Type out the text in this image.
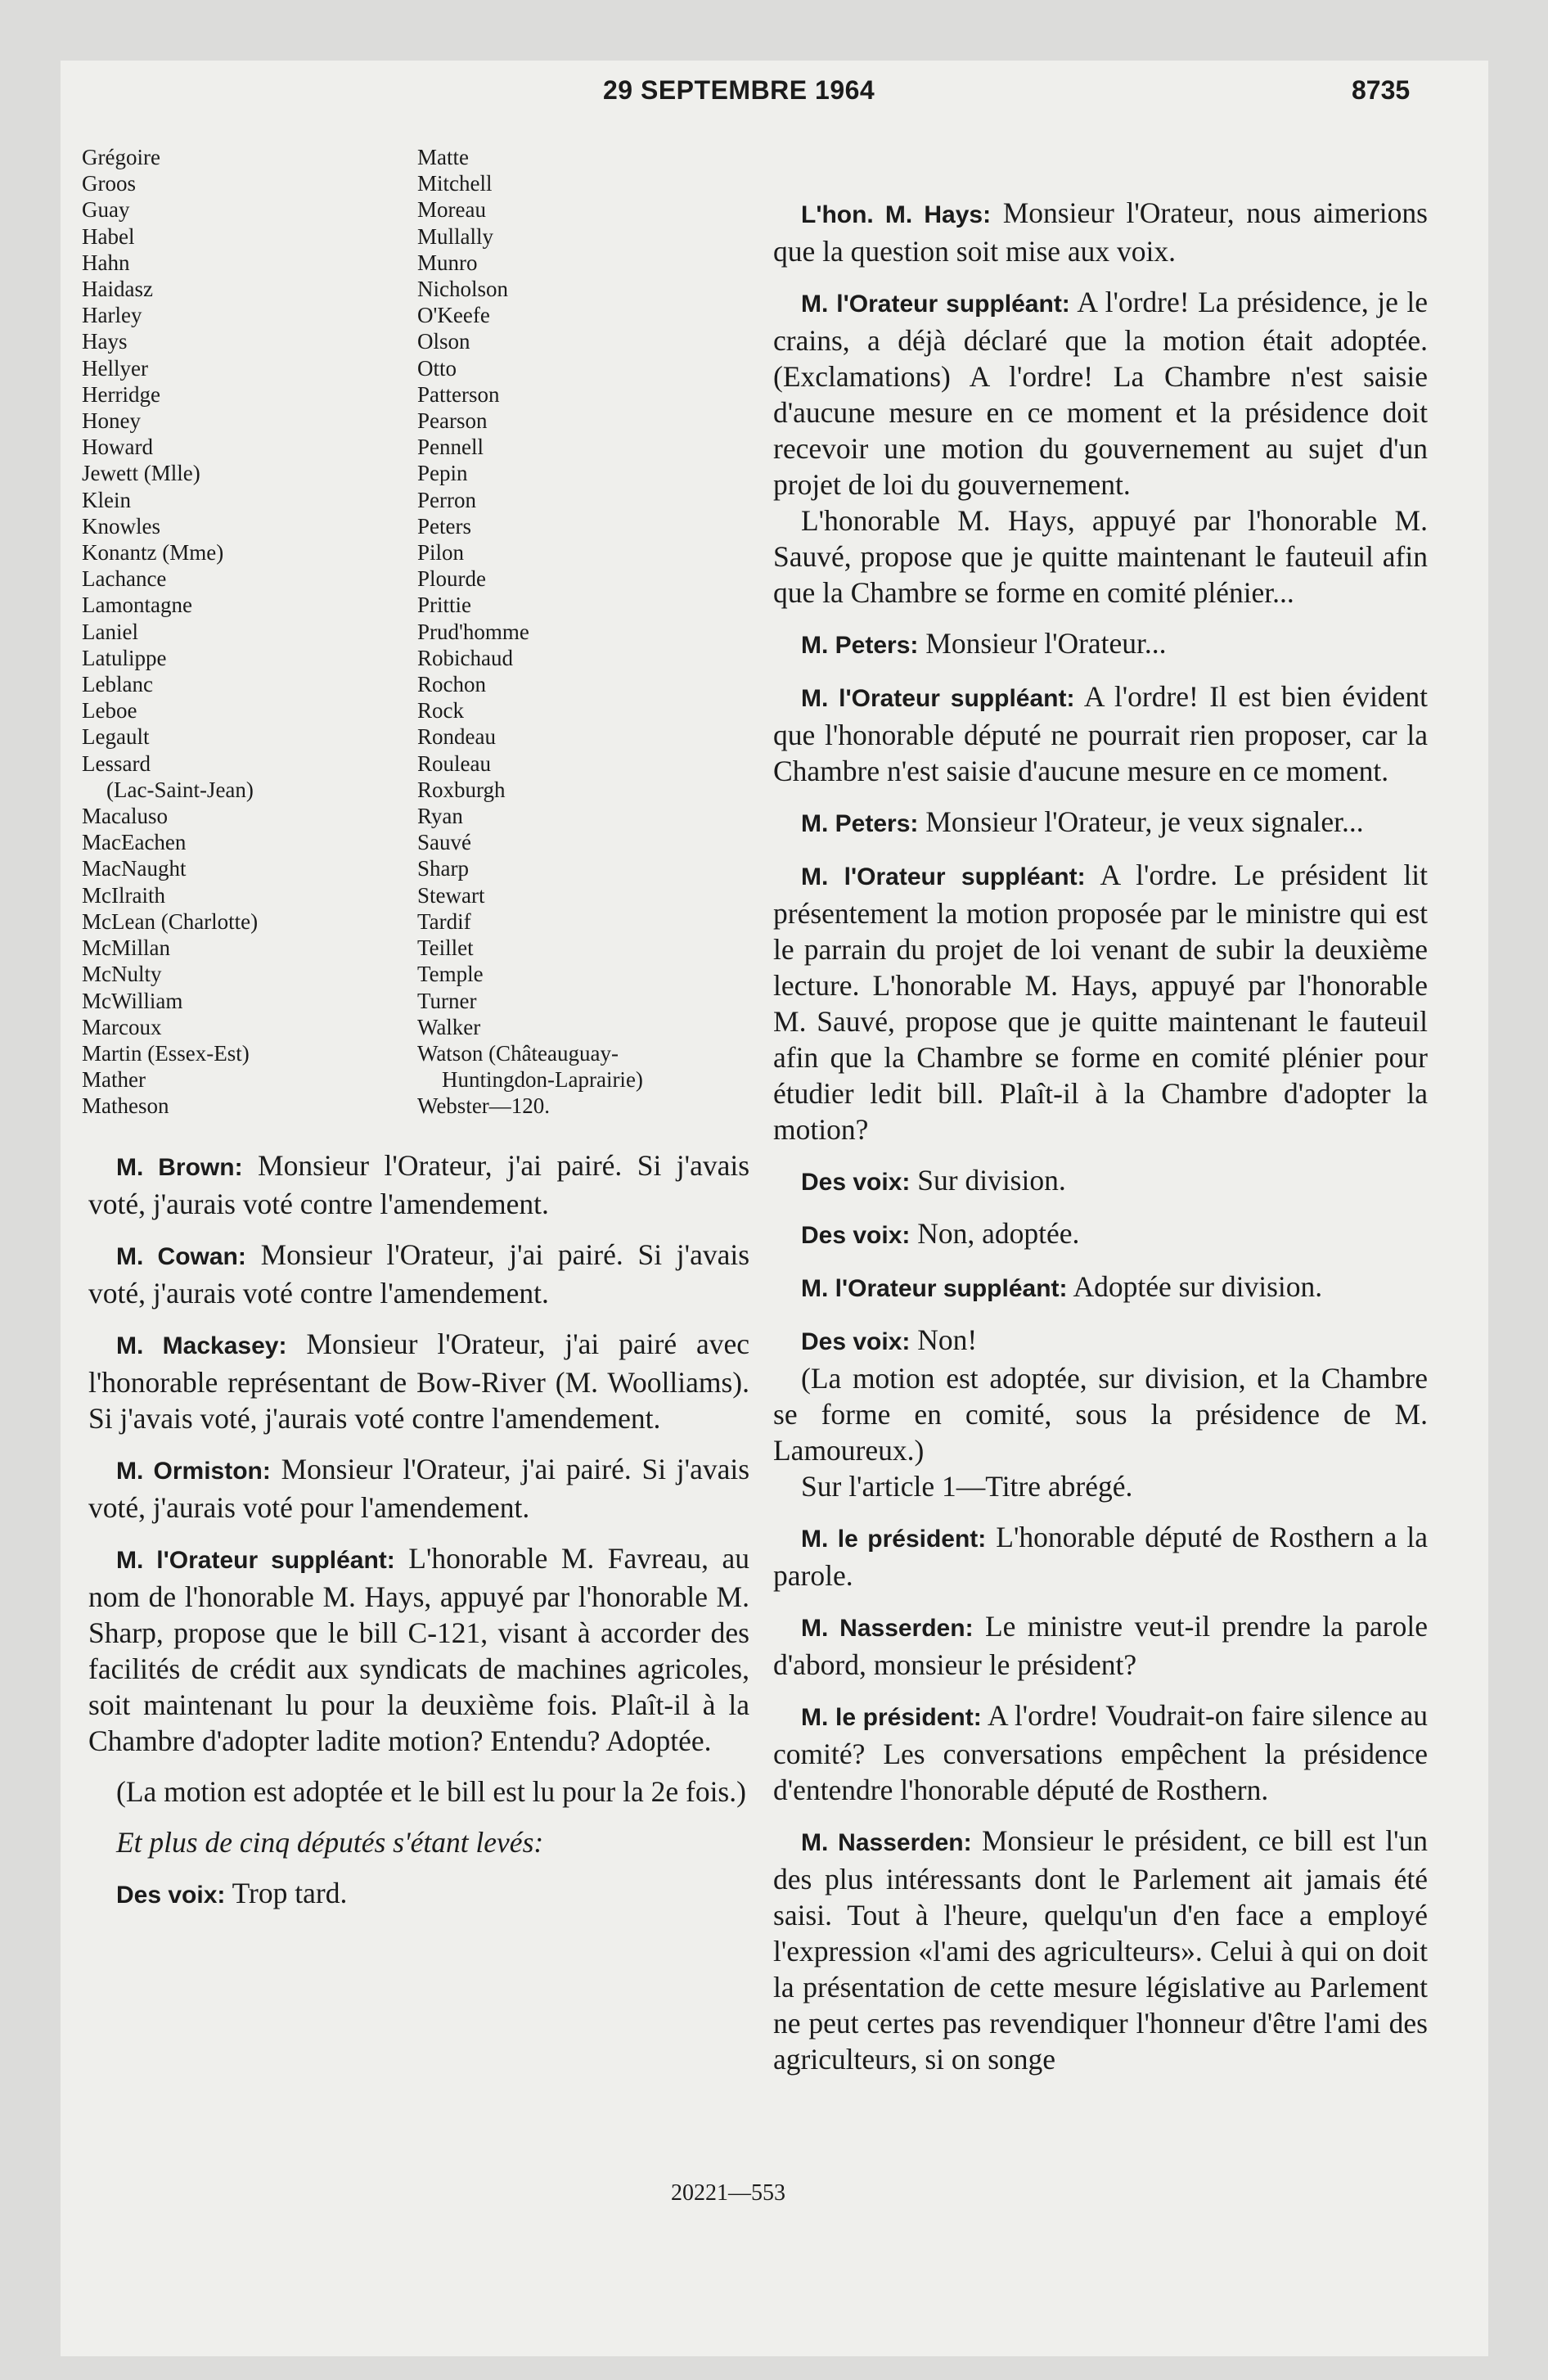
29 SEPTEMBRE 1964	8735
Grégoire
Groos
Guay
Habel
Hahn
Haidasz
Harley
Hays
Hellyer
Herridge
Honey
Howard
Jewett (Mlle)
Klein
Knowles
Konantz (Mme)
Lachance
Lamontagne
Laniel
Latulippe
Leblanc
Leboe
Legault
Lessard
(Lac-Saint-Jean)
Macaluso
MacEachen
MacNaught
McIlraith
McLean (Charlotte)
McMillan
McNulty
McWilliam
Marcoux
Martin (Essex-Est)
Mather
Matheson
Matte
Mitchell
Moreau
Mullally
Munro
Nicholson
O'Keefe
Olson
Otto
Patterson
Pearson
Pennell
Pepin
Perron
Peters
Pilon
Plourde
Prittie
Prud'homme
Robichaud
Rochon
Rock
Rondeau
Rouleau
Roxburgh
Ryan
Sauvé
Sharp
Stewart
Tardif
Teillet
Temple
Turner
Walker
Watson (Châteauguay-
Huntingdon-Laprairie)
Webster—120.

M. Brown: Monsieur l'Orateur, j'ai pairé. Si j'avais voté, j'aurais voté contre l'amendement.

M. Cowan: Monsieur l'Orateur, j'ai pairé. Si j'avais voté, j'aurais voté contre l'amendement.

M. Mackasey: Monsieur l'Orateur, j'ai pairé avec l'honorable représentant de Bow-River (M. Woolliams). Si j'avais voté, j'aurais voté contre l'amendement.

M. Ormiston: Monsieur l'Orateur, j'ai pairé. Si j'avais voté, j'aurais voté pour l'amendement.

M. l'Orateur suppléant: L'honorable M. Favreau, au nom de l'honorable M. Hays, appuyé par l'honorable M. Sharp, propose que le bill C-121, visant à accorder des facilités de crédit aux syndicats de machines agricoles, soit maintenant lu pour la deuxième fois. Plaît-il à la Chambre d'adopter ladite motion? Entendu? Adoptée.

(La motion est adoptée et le bill est lu pour la 2e fois.)

Et plus de cinq députés s'étant levés:

Des voix: Trop tard.

L'hon. M. Hays: Monsieur l'Orateur, nous aimerions que la question soit mise aux voix.

M. l'Orateur suppléant: A l'ordre! La présidence, je le crains, a déjà déclaré que la motion était adoptée. (Exclamations) A l'ordre! La Chambre n'est saisie d'aucune mesure en ce moment et la présidence doit recevoir une motion du gouvernement au sujet d'un projet de loi du gouvernement.

L'honorable M. Hays, appuyé par l'honorable M. Sauvé, propose que je quitte maintenant le fauteuil afin que la Chambre se forme en comité plénier...

M. Peters: Monsieur l'Orateur...

M. l'Orateur suppléant: A l'ordre! Il est bien évident que l'honorable député ne pourrait rien proposer, car la Chambre n'est saisie d'aucune mesure en ce moment.

M. Peters: Monsieur l'Orateur, je veux signaler...

M. l'Orateur suppléant: A l'ordre. Le président lit présentement la motion proposée par le ministre qui est le parrain du projet de loi venant de subir la deuxième lecture. L'honorable M. Hays, appuyé par l'honorable M. Sauvé, propose que je quitte maintenant le fauteuil afin que la Chambre se forme en comité plénier pour étudier ledit bill. Plaît-il à la Chambre d'adopter la motion?

Des voix: Sur division.

Des voix: Non, adoptée.

M. l'Orateur suppléant: Adoptée sur division.

Des voix: Non!

(La motion est adoptée, sur division, et la Chambre se forme en comité, sous la présidence de M. Lamoureux.)

Sur l'article 1—Titre abrégé.

M. le président: L'honorable député de Rosthern a la parole.

M. Nasserden: Le ministre veut-il prendre la parole d'abord, monsieur le président?

M. le président: A l'ordre! Voudrait-on faire silence au comité? Les conversations empêchent la présidence d'entendre l'honorable député de Rosthern.

M. Nasserden: Monsieur le président, ce bill est l'un des plus intéressants dont le Parlement ait jamais été saisi. Tout à l'heure, quelqu'un d'en face a employé l'expression «l'ami des agriculteurs». Celui à qui on doit la présentation de cette mesure législative au Parlement ne peut certes pas revendiquer l'honneur d'être l'ami des agriculteurs, si on songe

20221—553
